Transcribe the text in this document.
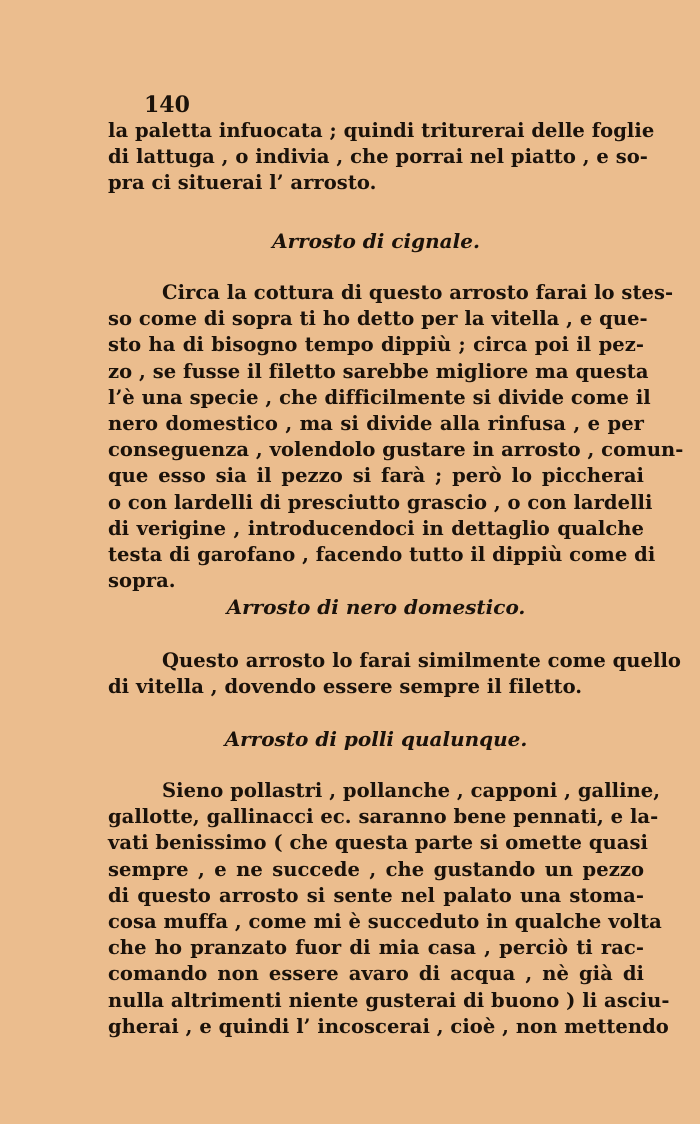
140
la paletta infuocata ; quindi triturerai delle foglie
di lattuga , o indivia , che porrai nel piatto , e so-
pra ci situerai l’ arrosto.
Arrosto di cignale.
Circa la cottura di questo arrosto farai lo stes-
so come di sopra ti ho detto per la vitella , e que-
sto ha di bisogno tempo dippiù ; circa poi il pez-
zo , se fusse il filetto sarebbe migliore ma questa
l’è una specie , che difficilmente si divide come il
nero domestico , ma si divide alla rinfusa , e per
conseguenza , volendolo gustare in arrosto , comun-
que esso sia il pezzo si farà ; però lo piccherai
o con lardelli di presciutto grascio , o con lardelli
di verigine , introducendoci in dettaglio qualche
testa di garofano , facendo tutto il dippiù come di
sopra.
Arrosto di nero domestico.
Questo arrosto lo farai similmente come quello
di vitella , dovendo essere sempre il filetto.
Arrosto di polli qualunque.
Sieno pollastri , pollanche , capponi , galline,
gallotte, gallinacci ec. saranno bene pennati, e la-
vati benissimo ( che questa parte si omette quasi
sempre , e ne succede , che gustando un pezzo
di questo arrosto si sente nel palato una stoma-
cosa muffa , come mi è succeduto in qualche volta
che ho pranzato fuor di mia casa , perciò ti rac-
comando non essere avaro di acqua , nè già di
nulla altrimenti niente gusterai di buono ) li asciu-
gherai , e quindi l’ incoscerai , cioè , non mettendo
